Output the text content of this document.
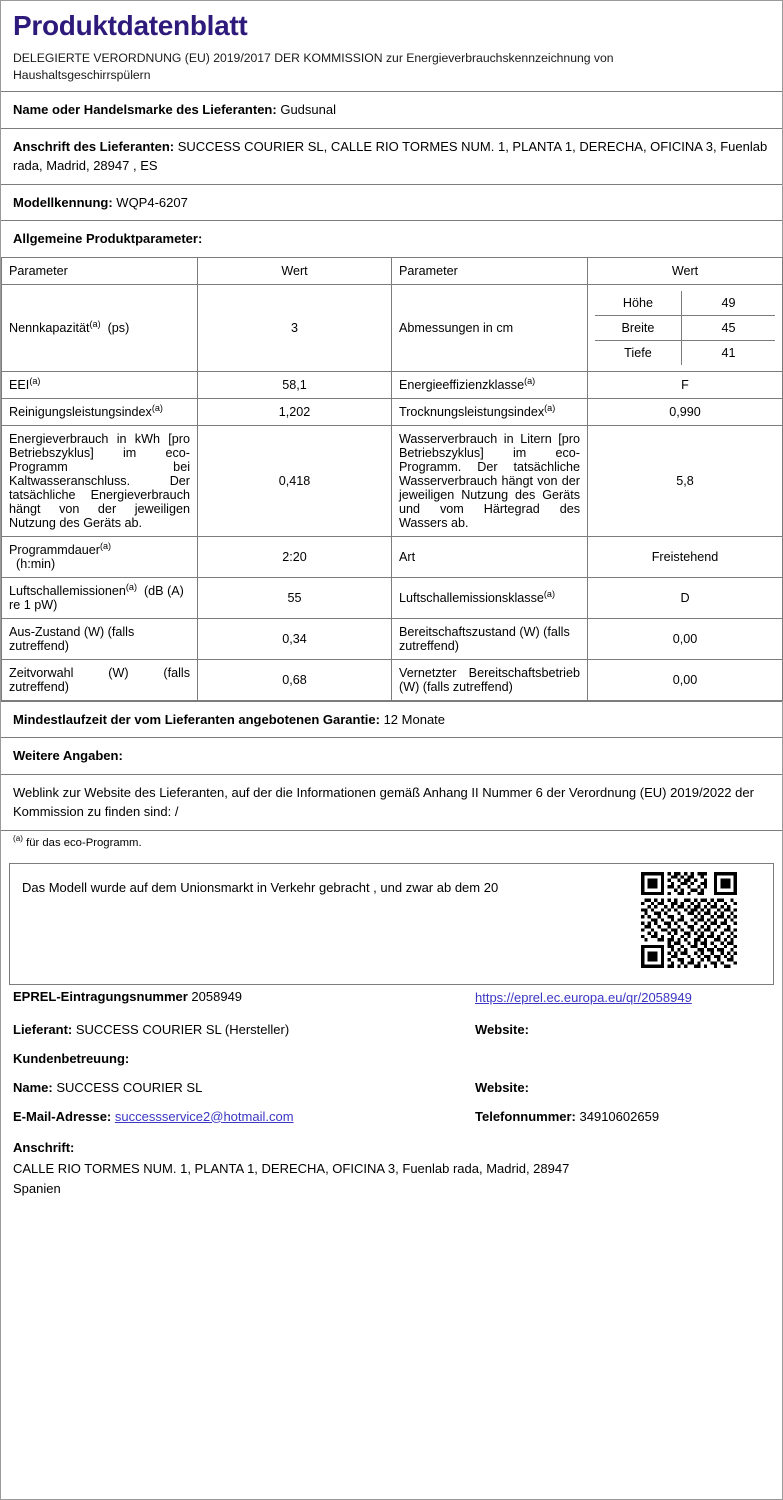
Produktdatenblatt

DELEGIERTE VERORDNUNG (EU) 2019/2017 DER KOMMISSION zur Energieverbrauchskennzeichnung von Haushaltsgeschirrspülern

Name oder Handelsmarke des Lieferanten: Gudsunal
Anschrift des Lieferanten: SUCCESS COURIER SL, CALLE RIO TORMES NUM. 1, PLANTA 1, DERECHA, OFICINA 3, Fuenlab rada, Madrid, 28947 , ES
Modellkennung: WQP4-6207
Allgemeine Produktparameter:
Parameter	Wert	Parameter	Wert
Nennkapazität$^{(a)}$ (ps)	3	Abmessungen in cm	
Höhe	49
Breite	45
Tiefe	41

EEI$^{(a)}$	58,1	Energieeffizienzklasse$^{(a)}$	F
Reinigungsleistungsindex$^{(a)}$	1,202	Trocknungsleistungsindex$^{(a)}$	0,990
Energieverbrauch in kWh [pro Betriebszyklus] im eco-Programm bei Kaltwasseranschluss. Der tatsächliche Energieverbrauch hängt von der jeweiligen Nutzung des Geräts ab.	0,418	Wasserverbrauch in Litern [pro Betriebszyklus] im eco-Programm. Der tatsächliche Wasserverbrauch hängt von der jeweiligen Nutzung des Geräts und vom Härtegrad des Wassers ab.	5,8
Programmdauer$^{(a)}$
(h:min)	2:20	Art	Freistehend
Luftschallemissionen$^{(a)}$ (dB (A) re 1 pW)	55	Luftschallemissionsklasse$^{(a)}$	D
Aus-Zustand (W) (falls zutreffend)	0,34	Bereitschaftszustand (W) (falls zutreffend)	0,00
Zeitvorwahl (W) (falls zutreffend)	0,68	Vernetzter Bereitschaftsbetrieb (W) (falls zutreffend)	0,00
Mindestlaufzeit der vom Lieferanten angebotenen Garantie: 12 Monate
Weitere Angaben:
Weblink zur Website des Lieferanten, auf der die Informationen gemäß Anhang II Nummer 6 der Verordnung (EU) 2019/2022 der Kommission zu finden sind: /
$^{(a)}$ für das eco-Programm.
Das Modell wurde auf dem Unionsmarkt in Verkehr gebracht , und zwar ab dem 20
EPREL-Eintragungsnummer 2058949	https://eprel.ec.europa.eu/qr/2058949
Lieferant: SUCCESS COURIER SL (Hersteller)	Website:
Kundenbetreuung:
Name: SUCCESS COURIER SL	Website:
E-Mail-Adresse: successservice2@hotmail.com	Telefonnummer: 34910602659
Anschrift:
CALLE RIO TORMES NUM. 1, PLANTA 1, DERECHA, OFICINA 3, Fuenlab rada, Madrid, 28947
Spanien
